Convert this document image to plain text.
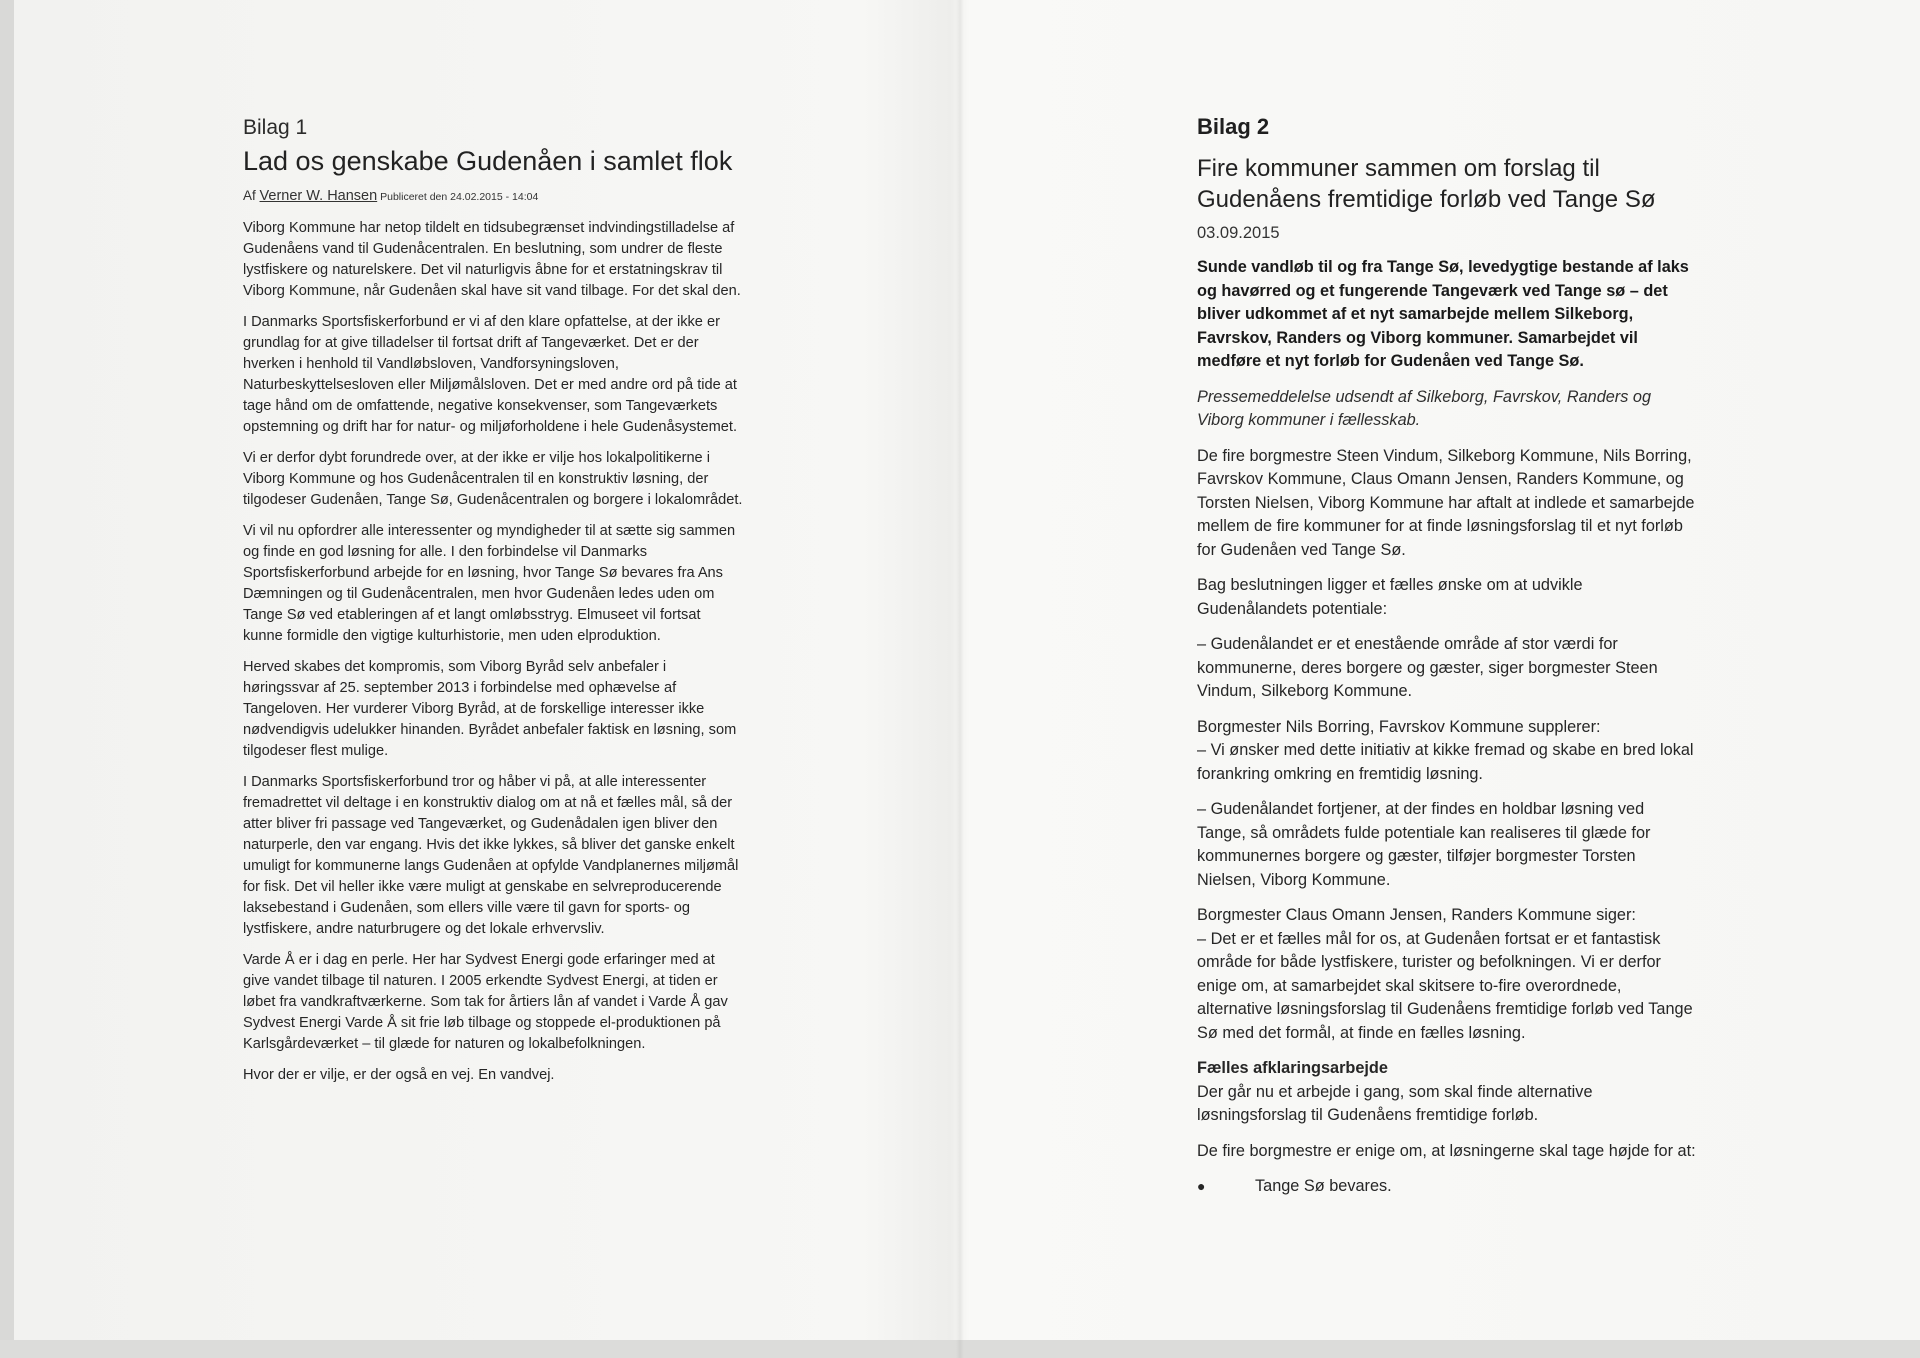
Bilag 1
Lad os genskabe Gudenåen i samlet flok
Af Verner W. Hansen Publiceret den 24.02.2015 - 14:04

Viborg Kommune har netop tildelt en tidsubegrænset indvindingstilladelse af Gudenåens vand til Gudenåcentralen. En beslutning, som undrer de fleste lystfiskere og naturelskere. Det vil naturligvis åbne for et erstatningskrav til Viborg Kommune, når Gudenåen skal have sit vand tilbage. For det skal den.

I Danmarks Sportsfiskerforbund er vi af den klare opfattelse, at der ikke er grundlag for at give tilladelser til fortsat drift af Tangeværket. Det er der hverken i henhold til Vandløbsloven, Vandforsyningsloven, Naturbeskyttelsesloven eller Miljømålsloven. Det er med andre ord på tide at tage hånd om de omfattende, negative konsekvenser, som Tangeværkets opstemning og drift har for natur- og miljøforholdene i hele Gudenåsystemet.

Vi er derfor dybt forundrede over, at der ikke er vilje hos lokalpolitikerne i Viborg Kommune og hos Gudenåcentralen til en konstruktiv løsning, der tilgodeser Gudenåen, Tange Sø, Gudenåcentralen og borgere i lokalområdet.

Vi vil nu opfordrer alle interessenter og myndigheder til at sætte sig sammen og finde en god løsning for alle. I den forbindelse vil Danmarks Sportsfiskerforbund arbejde for en løsning, hvor Tange Sø bevares fra Ans Dæmningen og til Gudenåcentralen, men hvor Gudenåen ledes uden om Tange Sø ved etableringen af et langt omløbsstryg. Elmuseet vil fortsat kunne formidle den vigtige kulturhistorie, men uden elproduktion.

Herved skabes det kompromis, som Viborg Byråd selv anbefaler i høringssvar af 25. september 2013 i forbindelse med ophævelse af Tangeloven. Her vurderer Viborg Byråd, at de forskellige interesser ikke nødvendigvis udelukker hinanden. Byrådet anbefaler faktisk en løsning, som tilgodeser flest mulige.

I Danmarks Sportsfiskerforbund tror og håber vi på, at alle interessenter fremadrettet vil deltage i en konstruktiv dialog om at nå et fælles mål, så der atter bliver fri passage ved Tangeværket, og Gudenådalen igen bliver den naturperle, den var engang. Hvis det ikke lykkes, så bliver det ganske enkelt umuligt for kommunerne langs Gudenåen at opfylde Vandplanernes miljømål for fisk. Det vil heller ikke være muligt at genskabe en selvreproducerende laksebestand i Gudenåen, som ellers ville være til gavn for sports- og lystfiskere, andre naturbrugere og det lokale erhvervsliv.

Varde Å er i dag en perle. Her har Sydvest Energi gode erfaringer med at give vandet tilbage til naturen. I 2005 erkendte Sydvest Energi, at tiden er løbet fra vandkraftværkerne. Som tak for årtiers lån af vandet i Varde Å gav Sydvest Energi Varde Å sit frie løb tilbage og stoppede el-produktionen på Karlsgårdeværket – til glæde for naturen og lokalbefolkningen.

Hvor der er vilje, er der også en vej. En vandvej.

Bilag 2
Fire kommuner sammen om forslag til Gudenåens fremtidige forløb ved Tange Sø
03.09.2015

Sunde vandløb til og fra Tange Sø, levedygtige bestande af laks og havørred og et fungerende Tangeværk ved Tange sø – det bliver udkommet af et nyt samarbejde mellem Silkeborg, Favrskov, Randers og Viborg kommuner. Samarbejdet vil medføre et nyt forløb for Gudenåen ved Tange Sø.

Pressemeddelelse udsendt af Silkeborg, Favrskov, Randers og Viborg kommuner i fællesskab.

De fire borgmestre Steen Vindum, Silkeborg Kommune, Nils Borring, Favrskov Kommune, Claus Omann Jensen, Randers Kommune, og Torsten Nielsen, Viborg Kommune har aftalt at indlede et samarbejde mellem de fire kommuner for at finde løsningsforslag til et nyt forløb for Gudenåen ved Tange Sø.

Bag beslutningen ligger et fælles ønske om at udvikle Gudenålandets potentiale:

– Gudenålandet er et enestående område af stor værdi for kommunerne, deres borgere og gæster, siger borgmester Steen Vindum, Silkeborg Kommune.

Borgmester Nils Borring, Favrskov Kommune supplerer:
– Vi ønsker med dette initiativ at kikke fremad og skabe en bred lokal forankring omkring en fremtidig løsning.

– Gudenålandet fortjener, at der findes en holdbar løsning ved Tange, så områdets fulde potentiale kan realiseres til glæde for kommunernes borgere og gæster, tilføjer borgmester Torsten Nielsen, Viborg Kommune.

Borgmester Claus Omann Jensen, Randers Kommune siger:
– Det er et fælles mål for os, at Gudenåen fortsat er et fantastisk område for både lystfiskere, turister og befolkningen. Vi er derfor enige om, at samarbejdet skal skitsere to-fire overordnede, alternative løsningsforslag til Gudenåens fremtidige forløb ved Tange Sø med det formål, at finde en fælles løsning.

Fælles afklaringsarbejde

Der går nu et arbejde i gang, som skal finde alternative løsningsforslag til Gudenåens fremtidige forløb.

De fire borgmestre er enige om, at løsningerne skal tage højde for at:

●	Tange Sø bevares.
